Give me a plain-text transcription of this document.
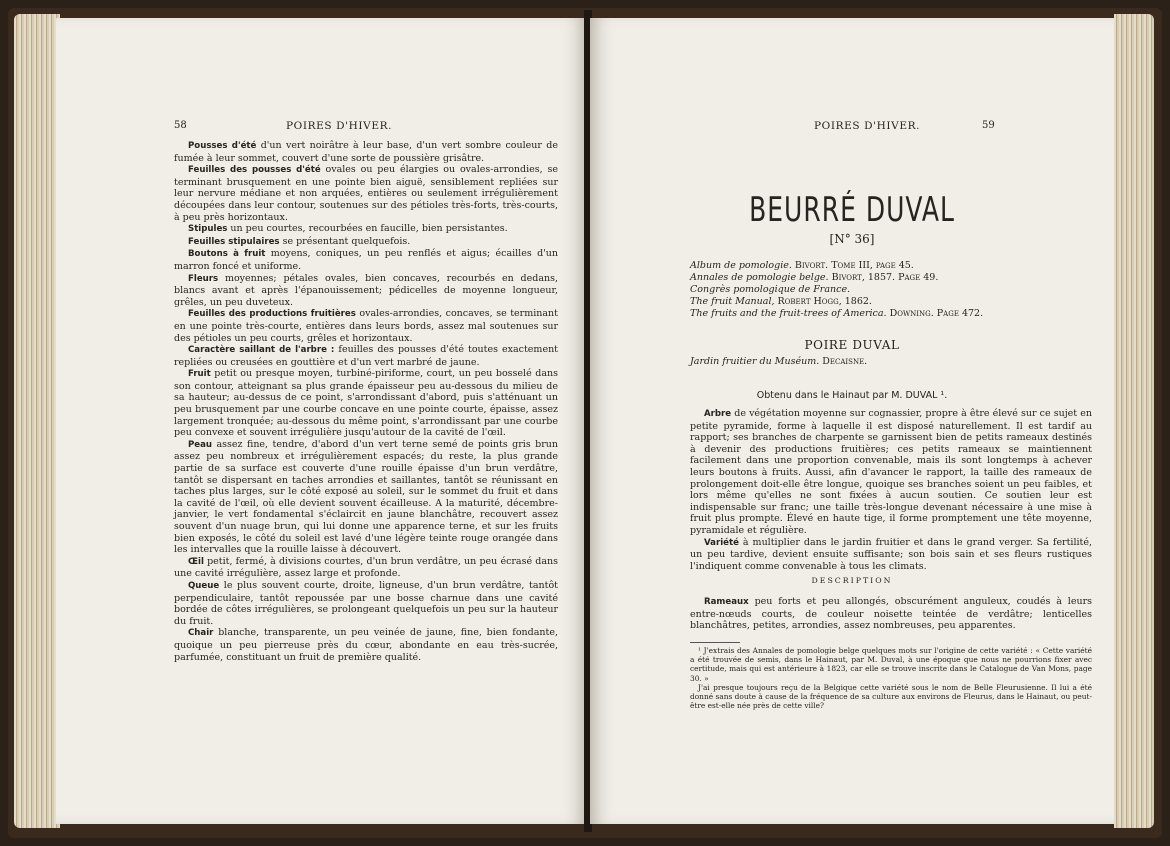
58	POIRES D'HIVER.

Pousses d'été d'un vert noirâtre à leur base, d'un vert sombre couleur de fumée à leur sommet, couvert d'une sorte de poussière grisâtre.

Feuilles des pousses d'été ovales ou peu élargies ou ovales-arrondies, se terminant brusquement en une pointe bien aiguë, sensiblement repliées sur leur nervure médiane et non arquées, entières ou seulement irrégulièrement découpées dans leur contour, soutenues sur des pétioles très-forts, très-courts, à peu près horizontaux.

Stipules un peu courtes, recourbées en faucille, bien persistantes.

Feuilles stipulaires se présentant quelquefois.

Boutons à fruit moyens, coniques, un peu renflés et aigus; écailles d'un marron foncé et uniforme.

Fleurs moyennes; pétales ovales, bien concaves, recourbés en dedans, blancs avant et après l'épanouissement; pédicelles de moyenne longueur, grêles, un peu duveteux.

Feuilles des productions fruitières ovales-arrondies, concaves, se terminant en une pointe très-courte, entières dans leurs bords, assez mal soutenues sur des pétioles un peu courts, grêles et horizontaux.

Caractère saillant de l'arbre : feuilles des pousses d'été toutes exactement repliées ou creusées en gouttière et d'un vert marbré de jaune.

Fruit petit ou presque moyen, turbiné-piriforme, court, un peu bosselé dans son contour, atteignant sa plus grande épaisseur peu au-dessous du milieu de sa hauteur; au-dessus de ce point, s'arrondissant d'abord, puis s'atténuant un peu brusquement par une courbe concave en une pointe courte, épaisse, assez largement tronquée; au-dessous du même point, s'arrondissant par une courbe peu convexe et souvent irrégulière jusqu'autour de la cavité de l'œil.

Peau assez fine, tendre, d'abord d'un vert terne semé de points gris brun assez peu nombreux et irrégulièrement espacés; du reste, la plus grande partie de sa surface est couverte d'une rouille épaisse d'un brun verdâtre, tantôt se dispersant en taches arrondies et saillantes, tantôt se réunissant en taches plus larges, sur le côté exposé au soleil, sur le sommet du fruit et dans la cavité de l'œil, où elle devient souvent écailleuse. A la maturité, décembre-janvier, le vert fondamental s'éclaircit en jaune blanchâtre, recouvert assez souvent d'un nuage brun, qui lui donne une apparence terne, et sur les fruits bien exposés, le côté du soleil est lavé d'une légère teinte rouge orangée dans les intervalles que la rouille laisse à découvert.

Œil petit, fermé, à divisions courtes, d'un brun verdâtre, un peu écrasé dans une cavité irrégulière, assez large et profonde.

Queue le plus souvent courte, droite, ligneuse, d'un brun verdâtre, tantôt perpendiculaire, tantôt repoussée par une bosse charnue dans une cavité bordée de côtes irrégulières, se prolongeant quelquefois un peu sur la hauteur du fruit.

Chair blanche, transparente, un peu veinée de jaune, fine, bien fondante, quoique un peu pierreuse près du cœur, abondante en eau très-sucrée, parfumée, constituant un fruit de première qualité.

POIRES D'HIVER.	59
BEURRÉ DUVAL
[N° 36]
Album de pomologie. Bivort. Tome III, page 45.
Annales de pomologie belge. Bivort, 1857. Page 49.
Congrès pomologique de France.
The fruit Manual, Robert Hogg, 1862.
The fruits and the fruit-trees of America. Downing. Page 472.
POIRE DUVAL
Jardin fruitier du Muséum. Decaisne.
Obtenu dans le Hainaut par M. DUVAL ¹.

Arbre de végétation moyenne sur cognassier, propre à être élevé sur ce sujet en petite pyramide, forme à laquelle il est disposé naturellement. Il est tardif au rapport; ses branches de charpente se garnissent bien de petits rameaux destinés à devenir des productions fruitières; ces petits rameaux se maintiennent facilement dans une proportion convenable, mais ils sont longtemps à achever leurs boutons à fruits. Aussi, afin d'avancer le rapport, la taille des rameaux de prolongement doit-elle être longue, quoique ses branches soient un peu faibles, et lors même qu'elles ne sont fixées à aucun soutien. Ce soutien leur est indispensable sur franc; une taille très-longue devenant nécessaire à une mise à fruit plus prompte. Élevé en haute tige, il forme promptement une tête moyenne, pyramidale et régulière.

Variété à multiplier dans le jardin fruitier et dans le grand verger. Sa fertilité, un peu tardive, devient ensuite suffisante; son bois sain et ses fleurs rustiques l'indiquent comme convenable à tous les climats.

DESCRIPTION

Rameaux peu forts et peu allongés, obscurément anguleux, coudés à leurs entre-nœuds courts, de couleur noisette teintée de verdâtre; lenticelles blanchâtres, petites, arrondies, assez nombreuses, peu apparentes.

¹ J'extrais des Annales de pomologie belge quelques mots sur l'origine de cette variété : « Cette variété a été trouvée de semis, dans le Hainaut, par M. Duval, à une époque que nous ne pourrions fixer avec certitude, mais qui est antérieure à 1823, car elle se trouve inscrite dans le Catalogue de Van Mons, page 30. »

J'ai presque toujours reçu de la Belgique cette variété sous le nom de Belle Fleurusienne. Il lui a été donné sans doute à cause de la fréquence de sa culture aux environs de Fleurus, dans le Hainaut, ou peut-être est-elle née près de cette ville?
